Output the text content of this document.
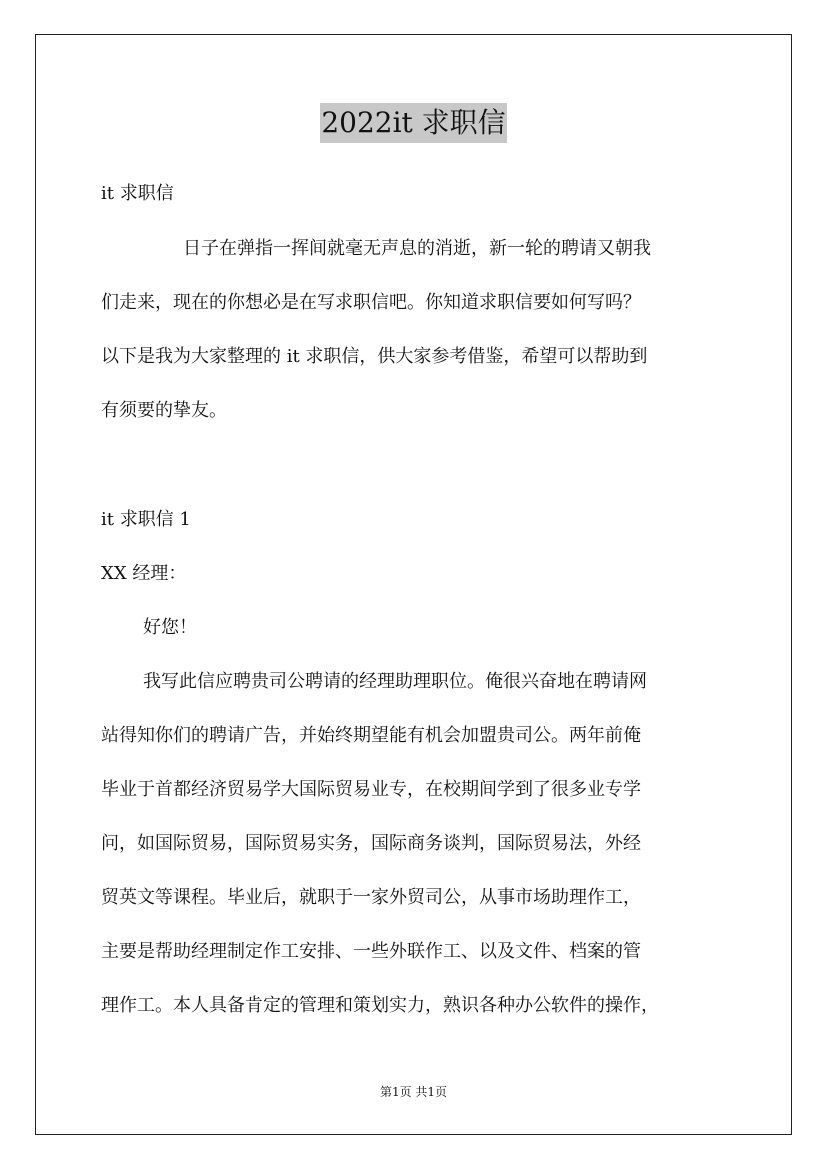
2022it 求职信
it 求职信
日子在弹指一挥间就毫无声息的消逝，新一轮的聘请又朝我
们走来，现在的你想必是在写求职信吧。你知道求职信要如何写吗？
以下是我为大家整理的 it 求职信，供大家参考借鉴，希望可以帮助到
有须要的挚友。
it 求职信 1
XX 经理：
好您！
我写此信应聘贵司公聘请的经理助理职位。俺很兴奋地在聘请网
站得知你们的聘请广告，并始终期望能有机会加盟贵司公。两年前俺
毕业于首都经济贸易学大国际贸易业专，在校期间学到了很多业专学
问，如国际贸易，国际贸易实务，国际商务谈判，国际贸易法，外经
贸英文等课程。毕业后，就职于一家外贸司公，从事市场助理作工，
主要是帮助经理制定作工安排、一些外联作工、以及文件、档案的管
理作工。本人具备肯定的管理和策划实力，熟识各种办公软件的操作，
第1页 共1页
